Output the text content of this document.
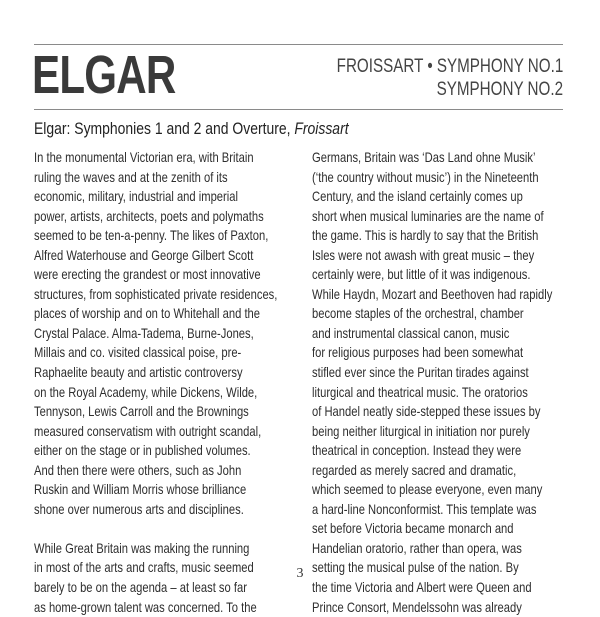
ELGAR	FROISSART • SYMPHONY NO.1
SYMPHONY NO.2
Elgar: Symphonies 1 and 2 and Overture, Froissart
In the monumental Victorian era, with Britain
ruling the waves and at the zenith of its
economic, military, industrial and imperial
power, artists, architects, poets and polymaths
seemed to be ten-a-penny. The likes of Paxton,
Alfred Waterhouse and George Gilbert Scott
were erecting the grandest or most innovative
structures, from sophisticated private residences,
places of worship and on to Whitehall and the
Crystal Palace. Alma-Tadema, Burne-Jones,
Millais and co. visited classical poise, pre-
Raphaelite beauty and artistic controversy
on the Royal Academy, while Dickens, Wilde,
Tennyson, Lewis Carroll and the Brownings
measured conservatism with outright scandal,
either on the stage or in published volumes.
And then there were others, such as John
Ruskin and William Morris whose brilliance
shone over numerous arts and disciplines.
While Great Britain was making the running
in most of the arts and crafts, music seemed
barely to be on the agenda – at least so far
as home-grown talent was concerned. To the
Germans, Britain was ‘Das Land ohne Musik’
(‘the country without music’) in the Nineteenth
Century, and the island certainly comes up
short when musical luminaries are the name of
the game. This is hardly to say that the British
Isles were not awash with great music – they
certainly were, but little of it was indigenous.
While Haydn, Mozart and Beethoven had rapidly
become staples of the orchestral, chamber
and instrumental classical canon, music
for religious purposes had been somewhat
stifled ever since the Puritan tirades against
liturgical and theatrical music. The oratorios
of Handel neatly side-stepped these issues by
being neither liturgical in initiation nor purely
theatrical in conception. Instead they were
regarded as merely sacred and dramatic,
which seemed to please everyone, even many
a hard-line Nonconformist. This template was
set before Victoria became monarch and
Handelian oratorio, rather than opera, was
setting the musical pulse of the nation. By
the time Victoria and Albert were Queen and
Prince Consort, Mendelssohn was already
3
